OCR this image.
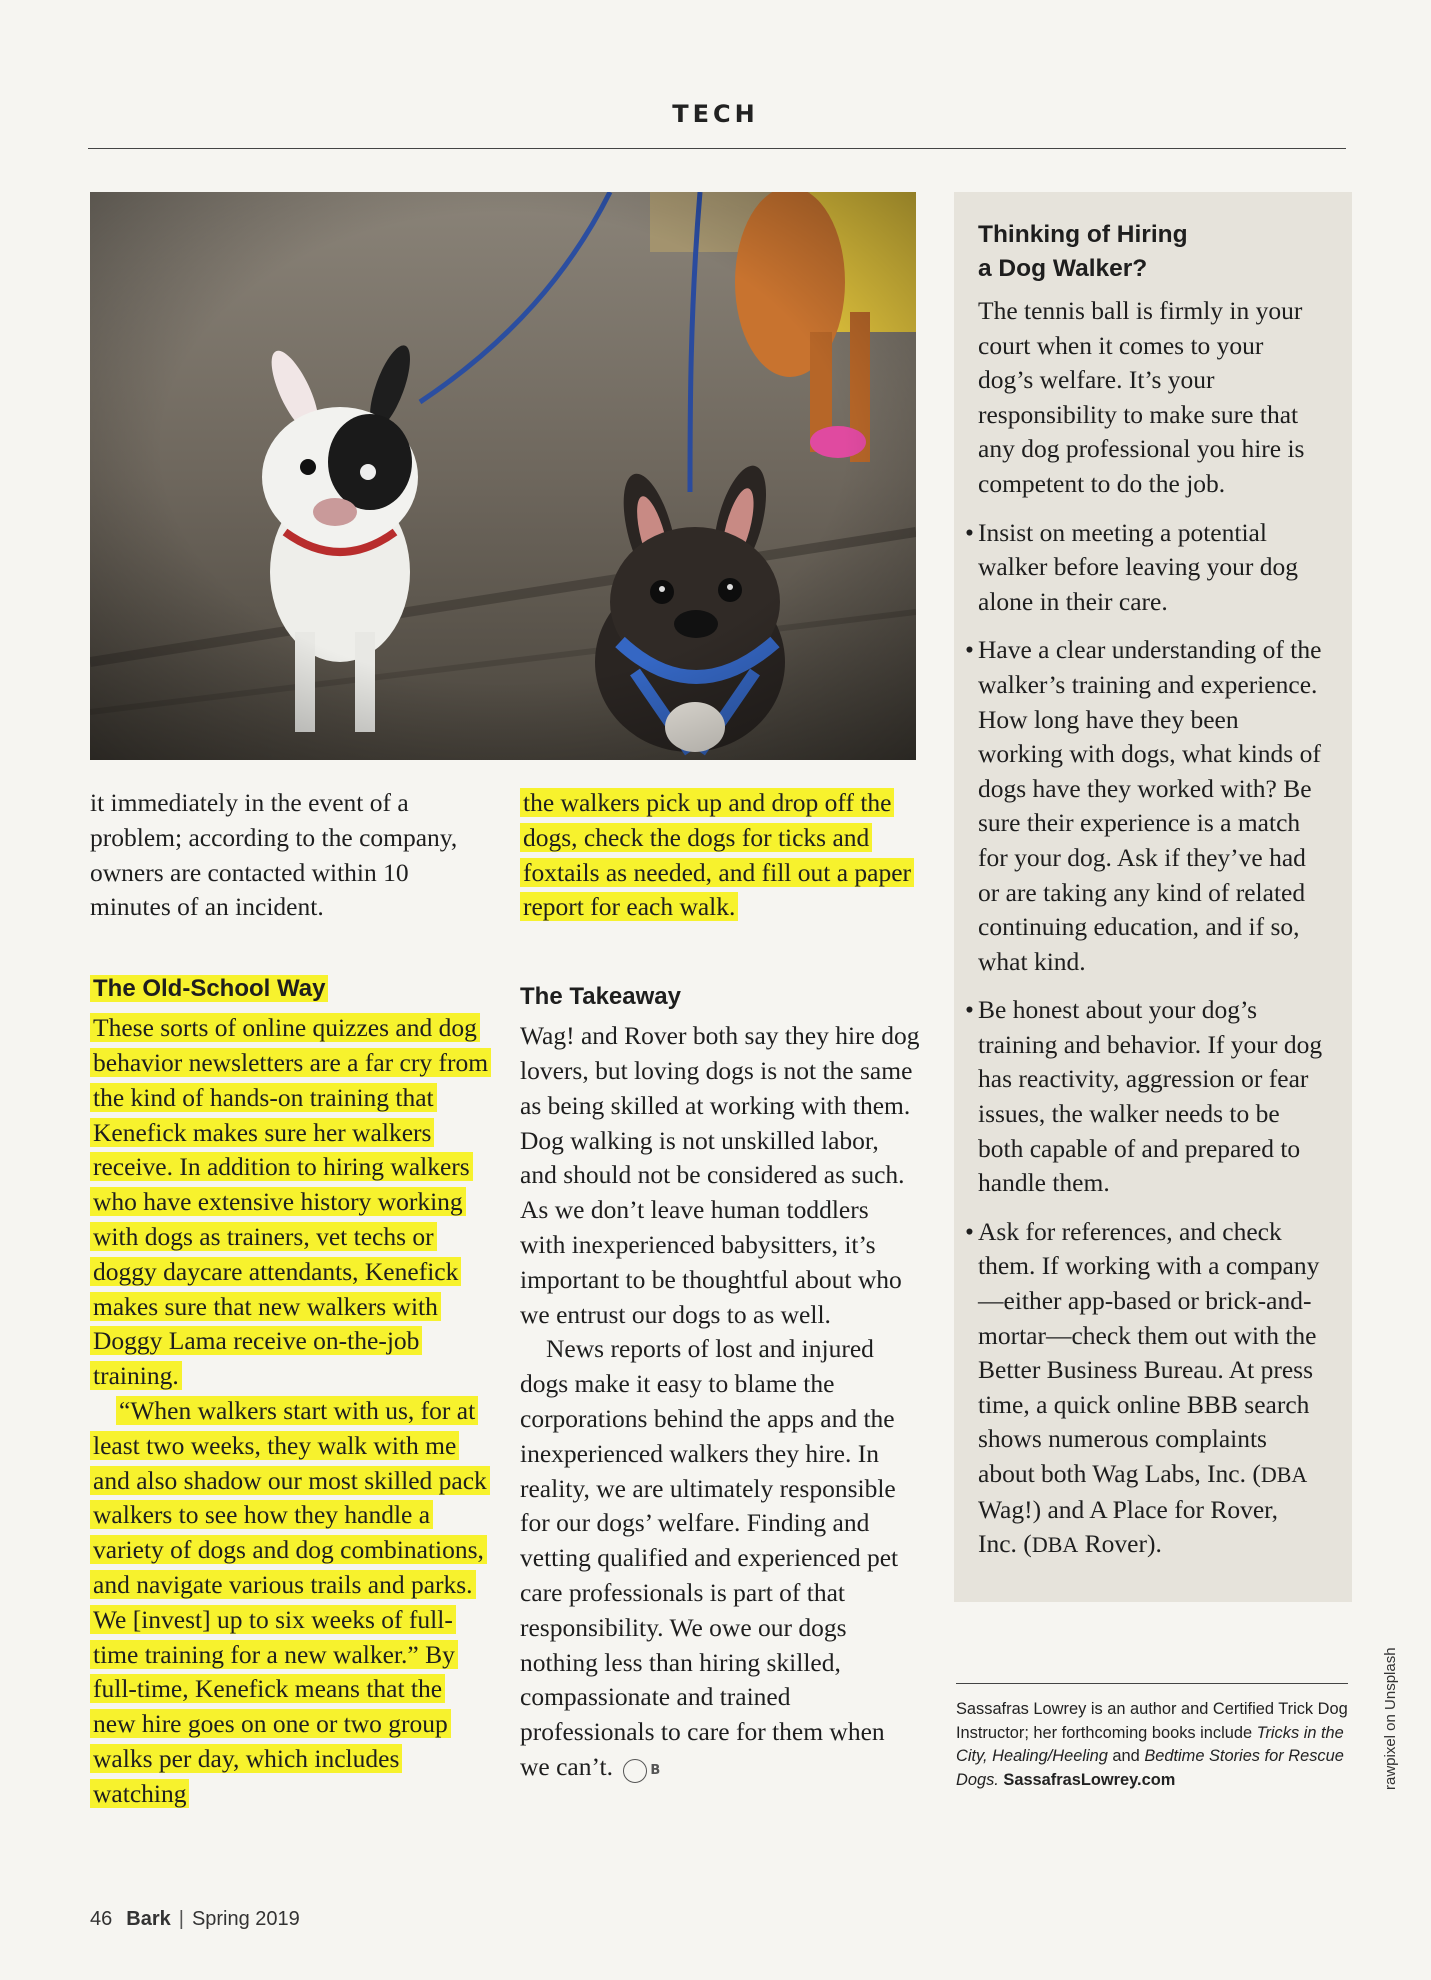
TECH

it immediately in the event of a problem; according to the company, owners are contacted within 10 minutes of an incident.

The Old-School Way

These sorts of online quizzes and dog behavior newsletters are a far cry from the kind of hands-on training that Kenefick makes sure her walkers receive. In addition to hiring walkers who have extensive history working with dogs as trainers, vet techs or doggy daycare attendants, Kenefick makes sure that new walkers with Doggy Lama receive on-the-job training.

“When walkers start with us, for at least two weeks, they walk with me and also shadow our most skilled pack walkers to see how they handle a variety of dogs and dog combinations, and navigate various trails and parks. We [invest] up to six weeks of full-time training for a new walker.” By full-time, Kenefick means that the new hire goes on one or two group walks per day, which includes watching

the walkers pick up and drop off the dogs, check the dogs for ticks and foxtails as needed, and fill out a paper report for each walk.

The Takeaway

Wag! and Rover both say they hire dog lovers, but loving dogs is not the same as being skilled at working with them. Dog walking is not unskilled labor, and should not be considered as such. As we don’t leave human toddlers with inexperienced babysitters, it’s important to be thoughtful about who we entrust our dogs to as well.

News reports of lost and injured dogs make it easy to blame the corporations behind the apps and the inexperienced walkers they hire. In reality, we are ultimately responsible for our dogs’ welfare. Finding and vetting qualified and experienced pet care professionals is part of that responsibility. We owe our dogs nothing less than hiring skilled, compassionate and trained professionals to care for them when we can’t.	B

Thinking of Hiring
a Dog Walker?

The tennis ball is firmly in your court when it comes to your dog’s welfare. It’s your responsibility to make sure that any dog professional you hire is competent to do the job.

• Insist on meeting a potential walker before leaving your dog alone in their care.
• Have a clear understanding of the walker’s training and experience. How long have they been working with dogs, what kinds of dogs have they worked with? Be sure their experience is a match for your dog. Ask if they’ve had or are taking any kind of related continuing education, and if so, what kind.
• Be honest about your dog’s training and behavior. If your dog has reactivity, aggression or fear issues, the walker needs to be both capable of and prepared to handle them.
• Ask for references, and check them. If working with a company—either app-based or brick-and-mortar—check them out with the Better Business Bureau. At press time, a quick online BBB search shows numerous complaints about both Wag Labs, Inc. (DBA Wag!) and A Place for Rover, Inc. (DBA Rover).
Sassafras Lowrey is an author and Certified Trick Dog Instructor; her forthcoming books include Tricks in the City, Healing/Heeling and Bedtime Stories for Rescue Dogs. SassafrasLowrey.com	rawpixel on Unsplash
46 Bark | Spring 2019
